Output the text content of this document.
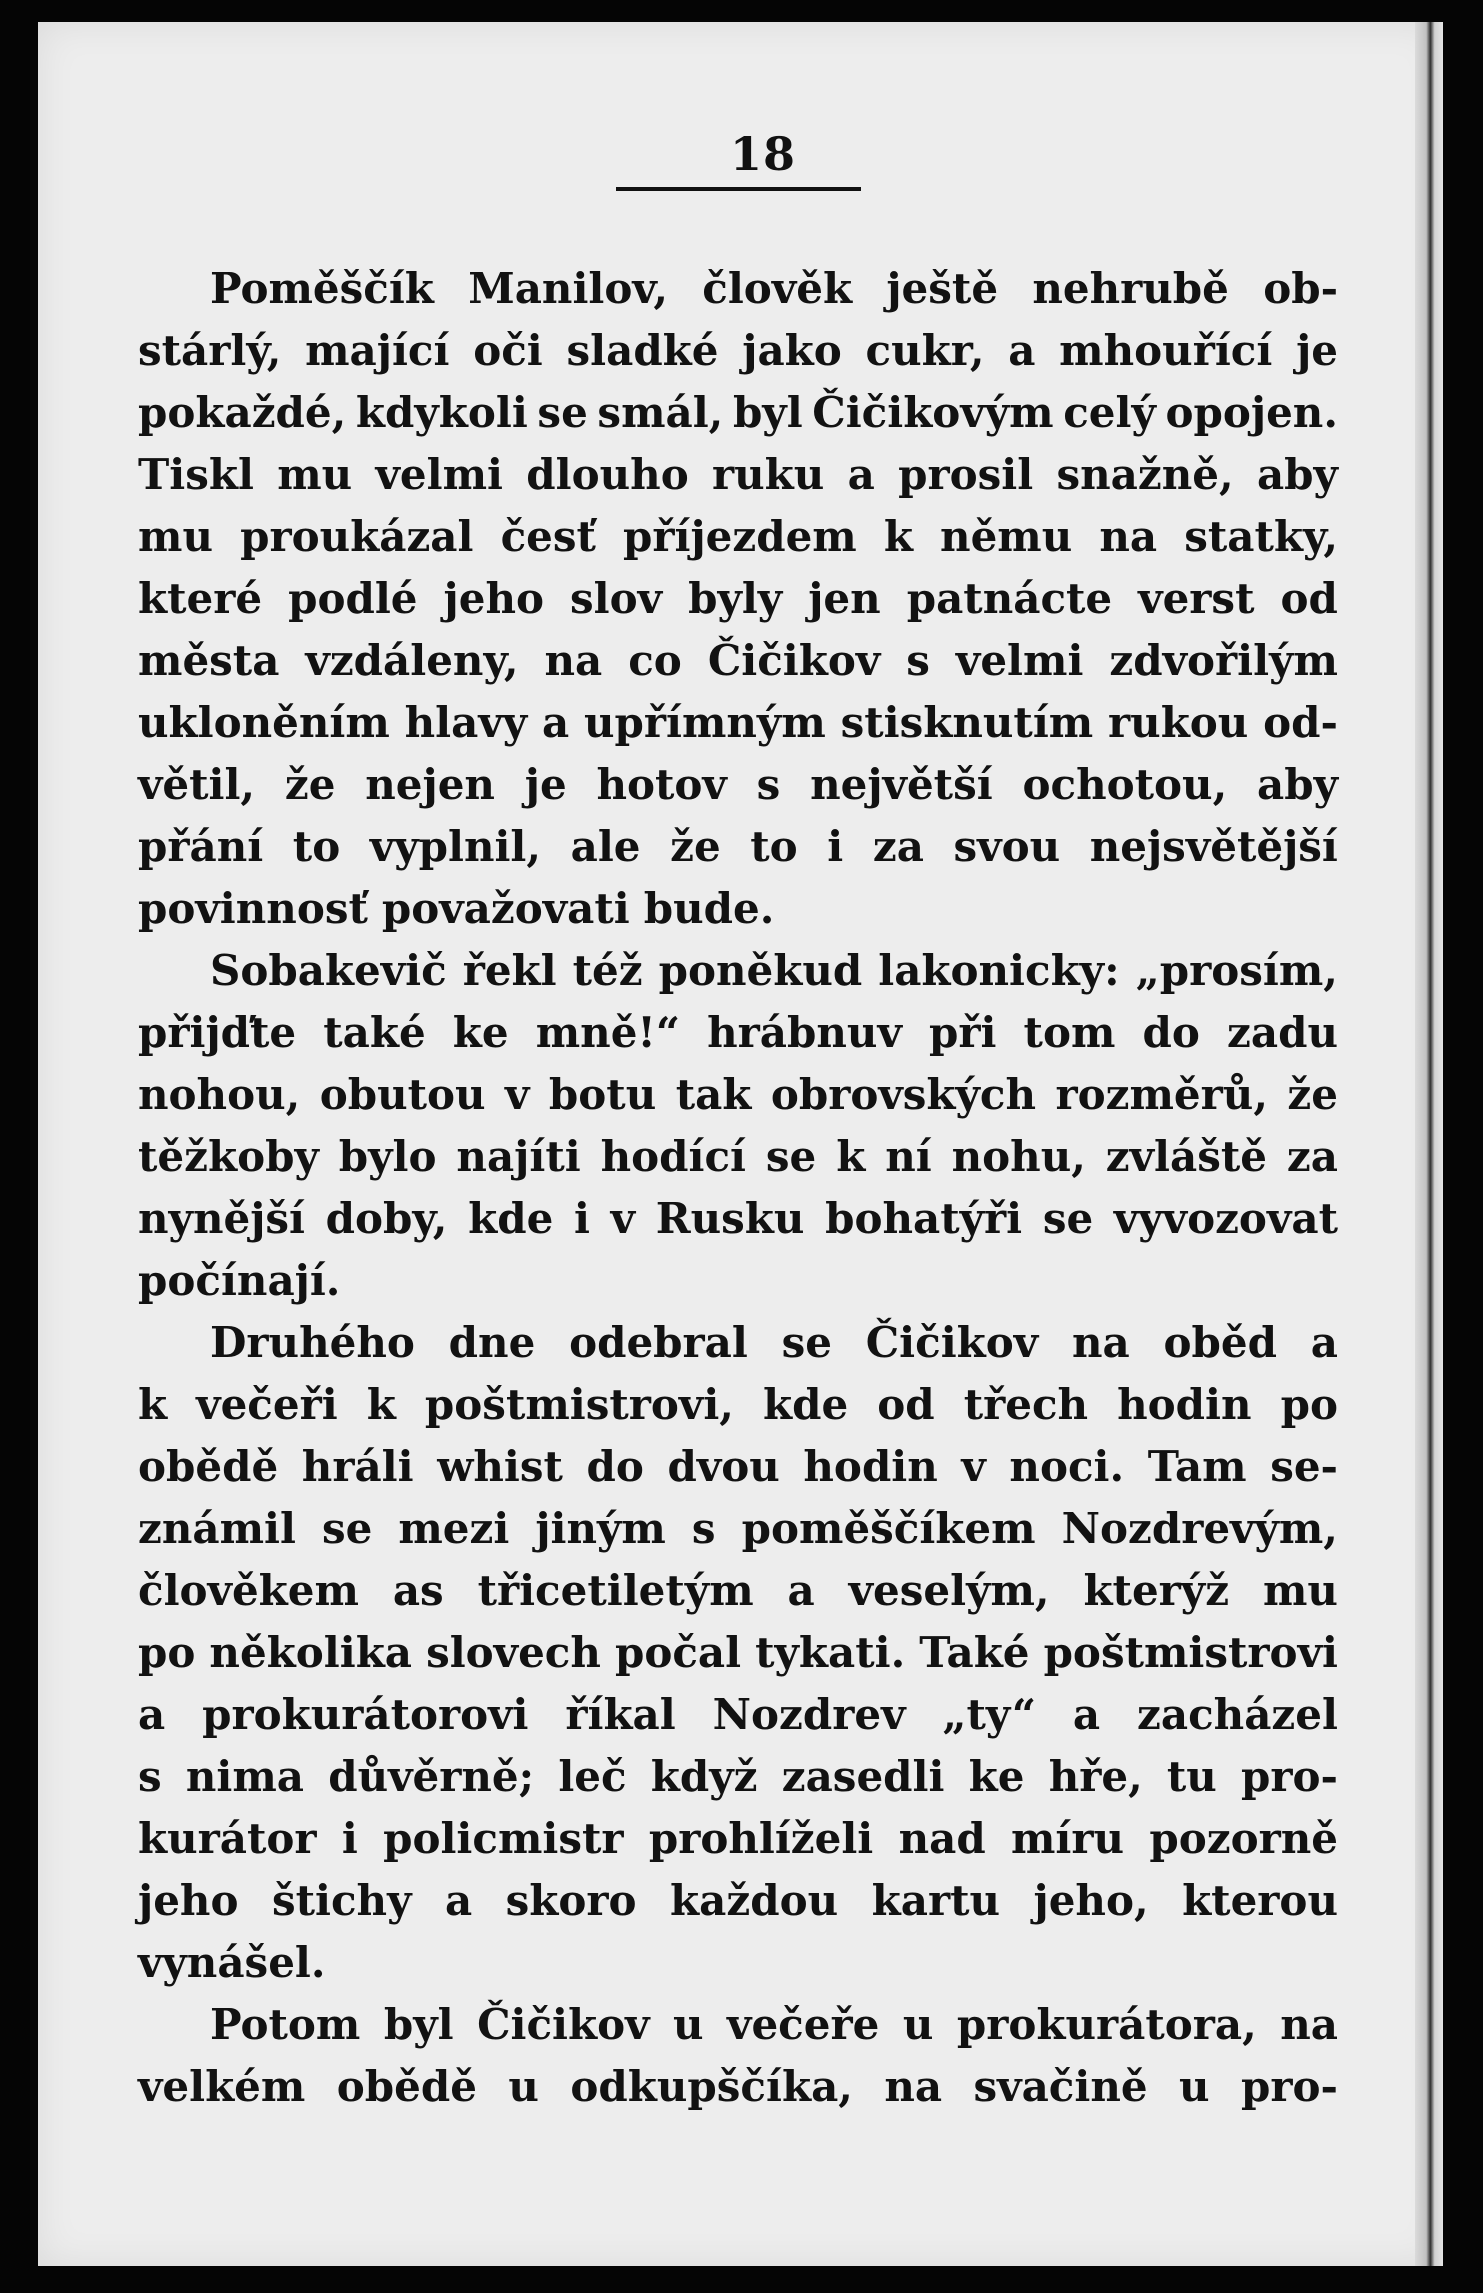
18
Poměščík Manilov, člověk ještě nehrubě ob-
stárlý, mající oči sladké jako cukr, a mhouřící je
pokaždé, kdykoli se smál, byl Čičikovým celý opojen.
Tiskl mu velmi dlouho ruku a prosil snažně, aby
mu proukázal česť příjezdem k němu na statky,
které podlé jeho slov byly jen patnácte verst od
města vzdáleny, na co Čičikov s velmi zdvořilým
ukloněním hlavy a upřímným stisknutím rukou od-
větil, že nejen je hotov s největší ochotou, aby
přání to vyplnil, ale že to i za svou nejsvětější
povinnosť považovati bude.
Sobakevič řekl též poněkud lakonicky: „prosím,
přijďte také ke mně!“ hrábnuv při tom do zadu
nohou, obutou v botu tak obrovských rozměrů, že
těžkoby bylo najíti hodící se k ní nohu, zvláště za
nynější doby, kde i v Rusku bohatýři se vyvozovat
počínají.
Druhého dne odebral se Čičikov na oběd a
k večeři k poštmistrovi, kde od třech hodin po
obědě hráli whist do dvou hodin v noci. Tam se-
známil se mezi jiným s poměščíkem Nozdrevým,
člověkem as třicetiletým a veselým, kterýž mu
po několika slovech počal tykati. Také poštmistrovi
a prokurátorovi říkal Nozdrev „ty“ a zacházel
s nima důvěrně; leč když zasedli ke hře, tu pro-
kurátor i policmistr prohlíželi nad míru pozorně
jeho štichy a skoro každou kartu jeho, kterou
vynášel.
Potom byl Čičikov u večeře u prokurátora, na
velkém obědě u odkupščíka, na svačině u pro-
